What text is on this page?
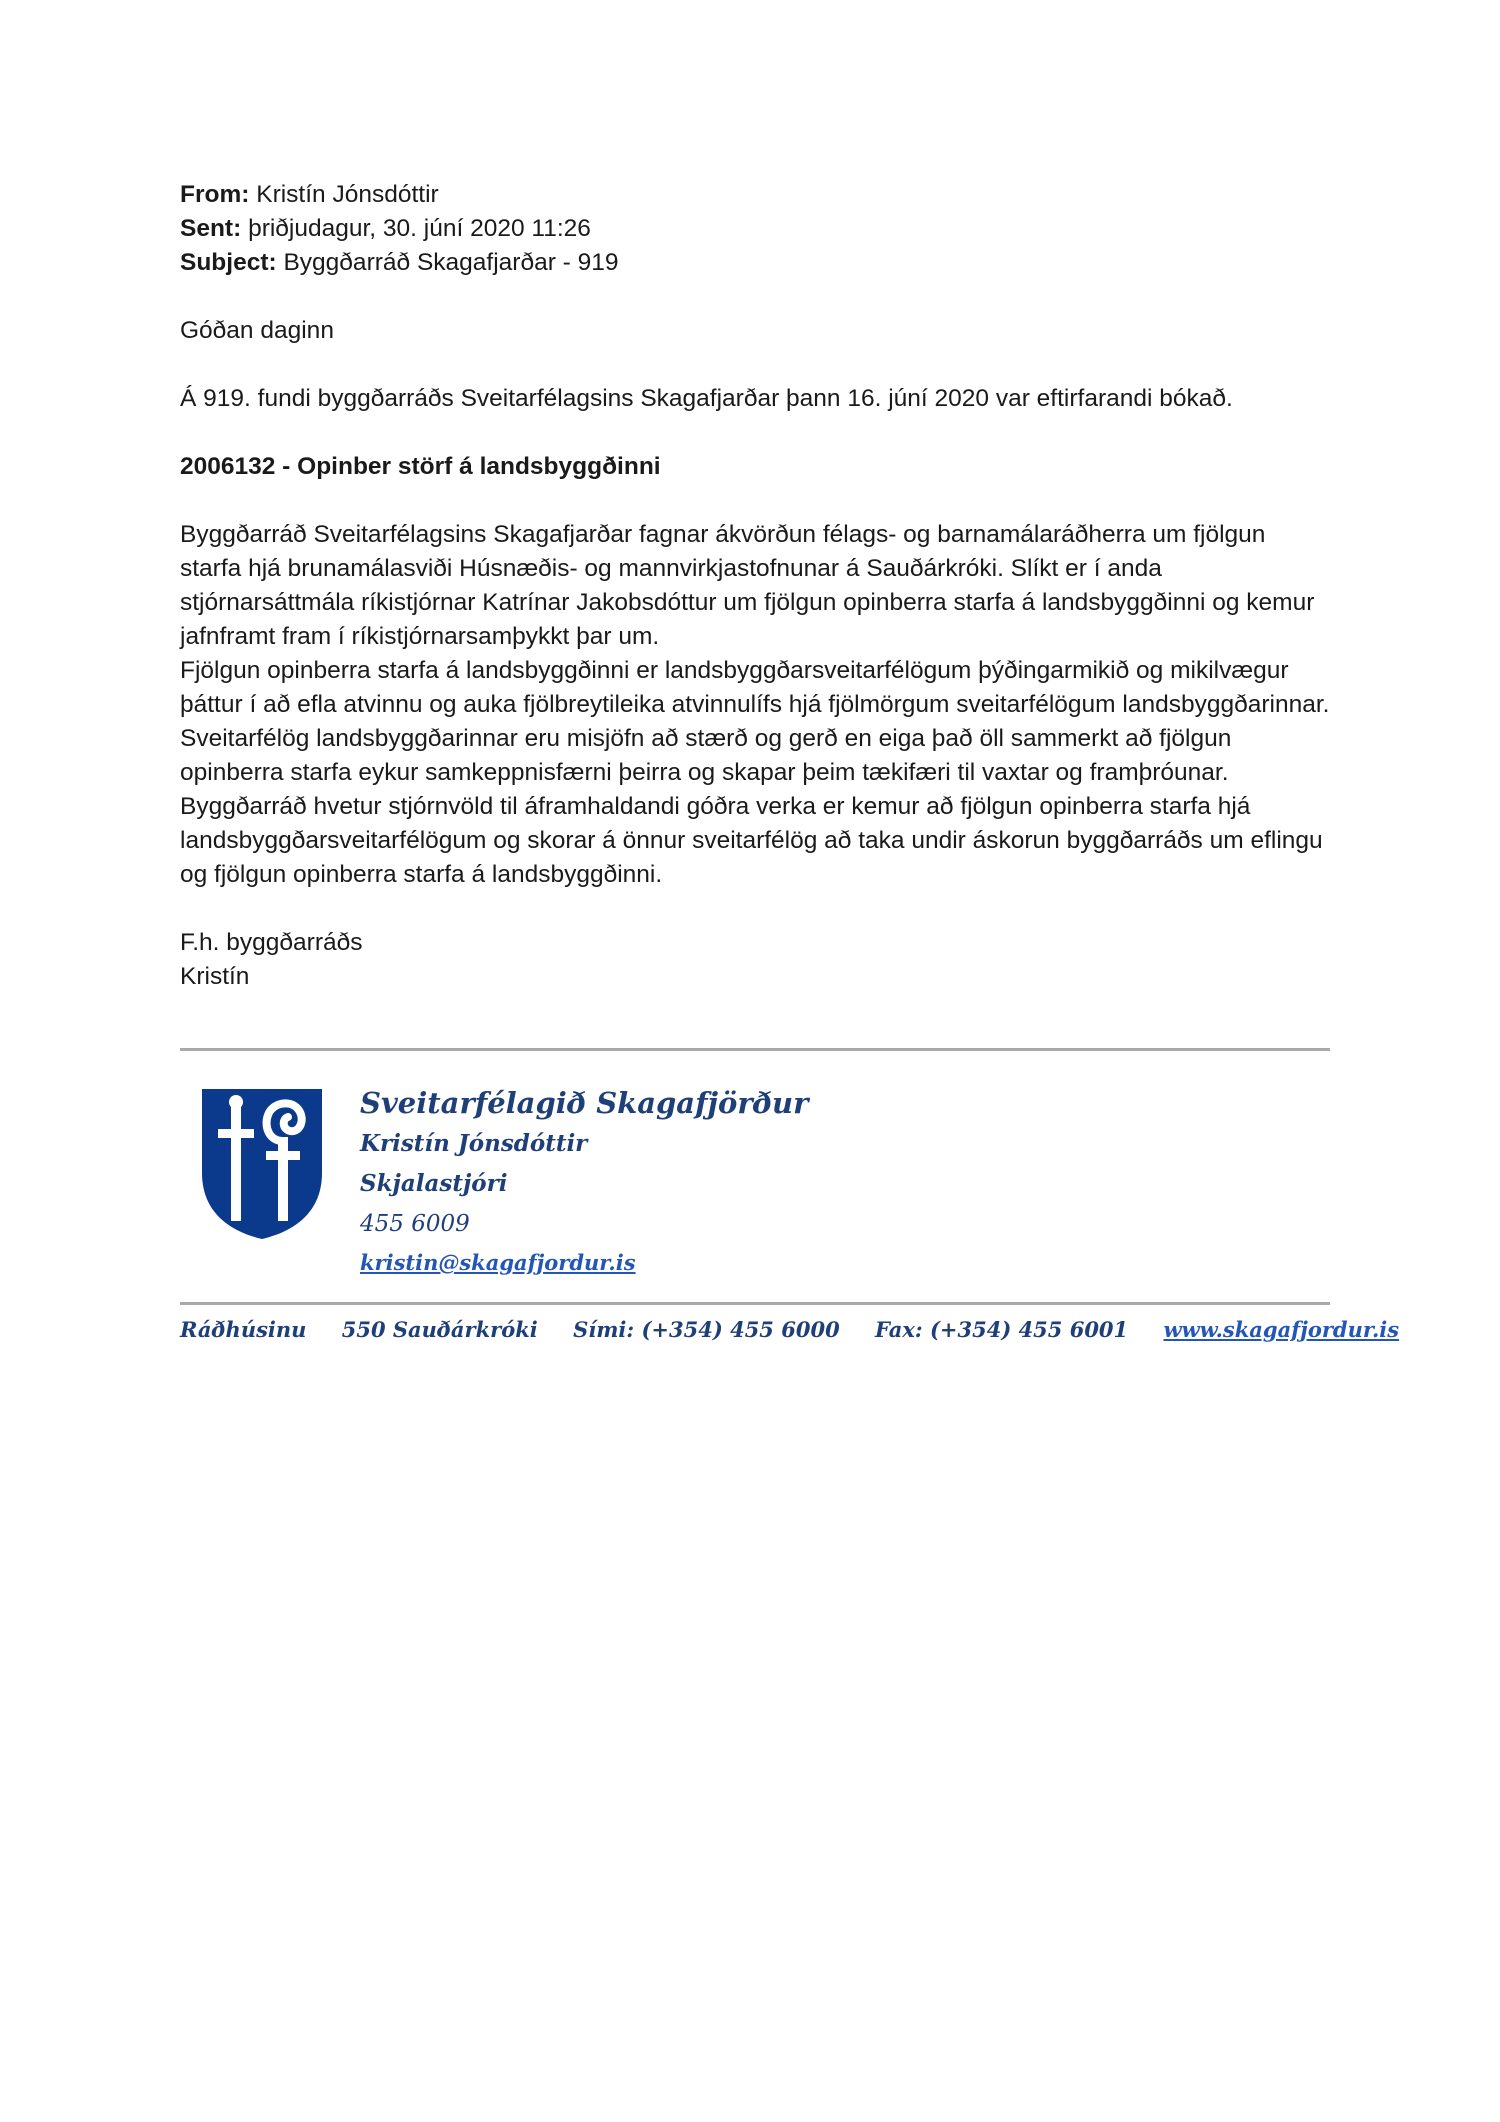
From: Kristín Jónsdóttir
Sent: þriðjudagur, 30. júní 2020 11:26
Subject: Byggðarráð Skagafjarðar - 919
Góðan daginn
Á 919. fundi byggðarráðs Sveitarfélagsins Skagafjarðar þann 16. júní 2020 var eftirfarandi bókað.
2006132 - Opinber störf á landsbyggðinni
Byggðarráð Sveitarfélagsins Skagafjarðar fagnar ákvörðun félags- og barnamálaráðherra um fjölgun starfa hjá brunamálasviði Húsnæðis- og mannvirkjastofnunar á Sauðárkróki. Slíkt er í anda stjórnarsáttmála ríkistjórnar Katrínar Jakobsdóttur um fjölgun opinberra starfa á landsbyggðinni og kemur jafnframt fram í ríkistjórnarsamþykkt þar um.
Fjölgun opinberra starfa á landsbyggðinni er landsbyggðarsveitarfélögum þýðingarmikið og mikilvægur þáttur í að efla atvinnu og auka fjölbreytileika atvinnulífs hjá fjölmörgum sveitarfélögum landsbyggðarinnar. Sveitarfélög landsbyggðarinnar eru misjöfn að stærð og gerð en eiga það öll sammerkt að fjölgun opinberra starfa eykur samkeppnisfærni þeirra og skapar þeim tækifæri til vaxtar og framþróunar.
Byggðarráð hvetur stjórnvöld til áframhaldandi góðra verka er kemur að fjölgun opinberra starfa hjá landsbyggðarsveitarfélögum og skorar á önnur sveitarfélög að taka undir áskorun byggðarráðs um eflingu og fjölgun opinberra starfa á landsbyggðinni.
F.h. byggðarráðs
Kristín
Sveitarfélagið Skagafjörður
Kristín Jónsdóttir
Skjalastjóri
455 6009
kristin@skagafjordur.is
Ráðhúsinu 550 Sauðárkróki Sími: (+354) 455 6000 Fax: (+354) 455 6001 www.skagafjordur.is
